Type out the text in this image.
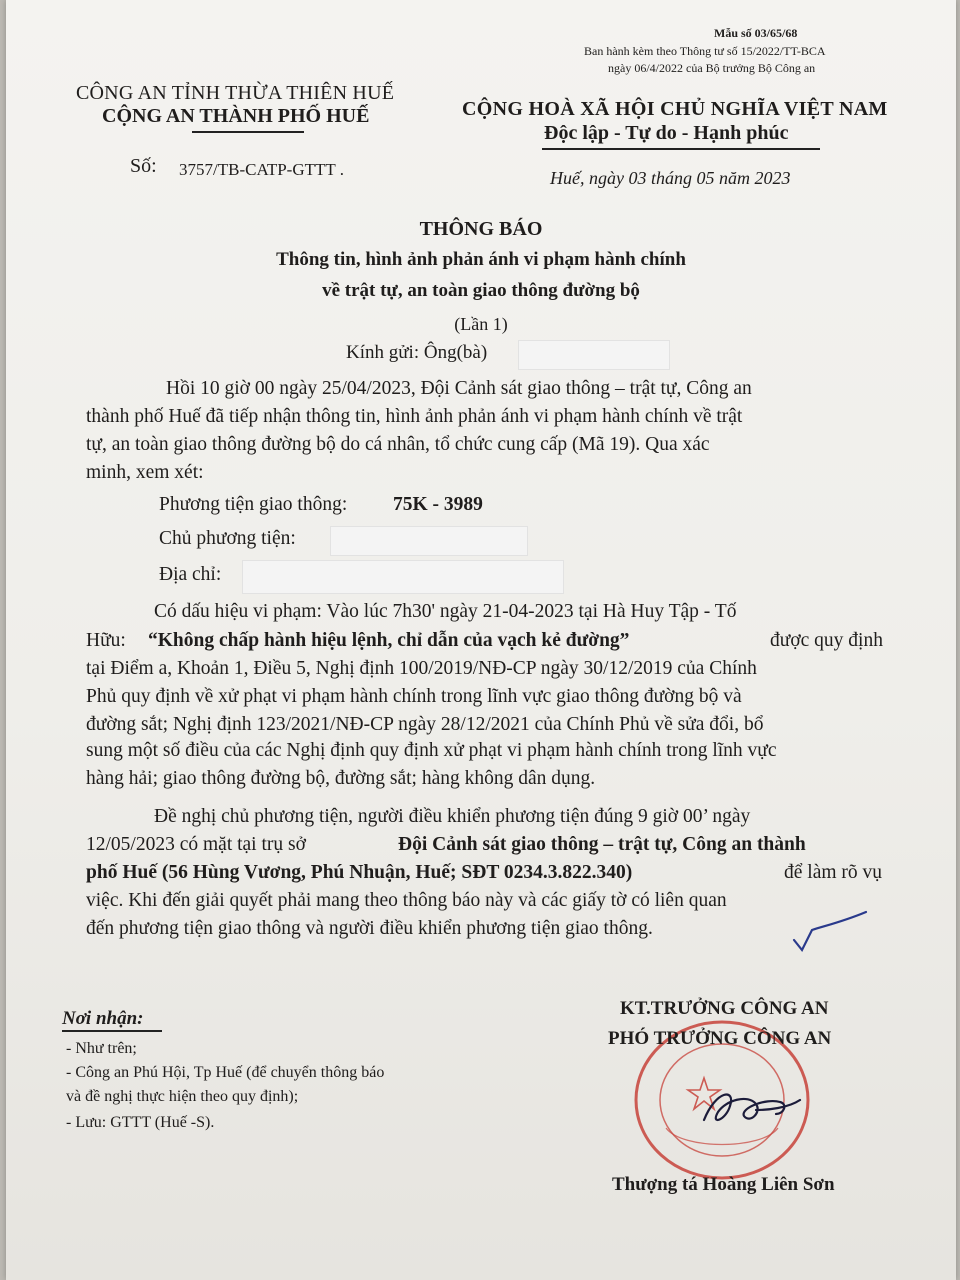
Mẫu số 03/65/68
Ban hành kèm theo Thông tư số 15/2022/TT-BCA
ngày 06/4/2022 của Bộ trưởng Bộ Công an
CÔNG AN TỈNH THỪA THIÊN HUẾ
CỘNG AN THÀNH PHỐ HUẾ	CỘNG HOÀ XÃ HỘI CHỦ NGHĨA VIỆT NAM
Độc lập - Tự do - Hạnh phúc
Số: 3757/TB-CATP-GTTT .	Huế, ngày 03 tháng 05 năm 2023
THÔNG BÁO
Thông tin, hình ảnh phản ánh vi phạm hành chính
về trật tự, an toàn giao thông đường bộ
(Lần 1)
Kính gửi: Ông(bà)
Hồi 10 giờ 00 ngày 25/04/2023, Đội Cảnh sát giao thông – trật tự, Công an
thành phố Huế đã tiếp nhận thông tin, hình ảnh phản ánh vi phạm hành chính về trật
tự, an toàn giao thông đường bộ do cá nhân, tổ chức cung cấp (Mã 19). Qua xác
minh, xem xét:
Phương tiện giao thông: 75K - 3989
Chủ phương tiện:
Địa chỉ:
Có dấu hiệu vi phạm: Vào lúc 7h30' ngày 21-04-2023 tại Hà Huy Tập - Tố
Hữu: “Không chấp hành hiệu lệnh, chỉ dẫn của vạch kẻ đường”	được quy định
tại Điểm a, Khoản 1, Điều 5, Nghị định 100/2019/NĐ-CP ngày 30/12/2019 của Chính
Phủ quy định về xử phạt vi phạm hành chính trong lĩnh vực giao thông đường bộ và
đường sắt; Nghị định 123/2021/NĐ-CP ngày 28/12/2021 của Chính Phủ về sửa đổi, bổ
sung một số điều của các Nghị định quy định xử phạt vi phạm hành chính trong lĩnh vực
hàng hải; giao thông đường bộ, đường sắt; hàng không dân dụng.
Đề nghị chủ phương tiện, người điều khiển phương tiện đúng 9 giờ 00’ ngày
12/05/2023 có mặt tại trụ sở	Đội Cảnh sát giao thông – trật tự, Công an thành
phố Huế (56 Hùng Vương, Phú Nhuận, Huế; SĐT 0234.3.822.340)	để làm rõ vụ
việc. Khi đến giải quyết phải mang theo thông báo này và các giấy tờ có liên quan
đến phương tiện giao thông và người điều khiển phương tiện giao thông.
Nơi nhận:
- Như trên;
- Công an Phú Hội, Tp Huế (để chuyển thông báo
và đề nghị thực hiện theo quy định);
- Lưu: GTTT (Huế -S).
KT.TRƯỞNG CÔNG AN
PHÓ TRƯỞNG CÔNG AN
Thượng tá Hoàng Liên Sơn
